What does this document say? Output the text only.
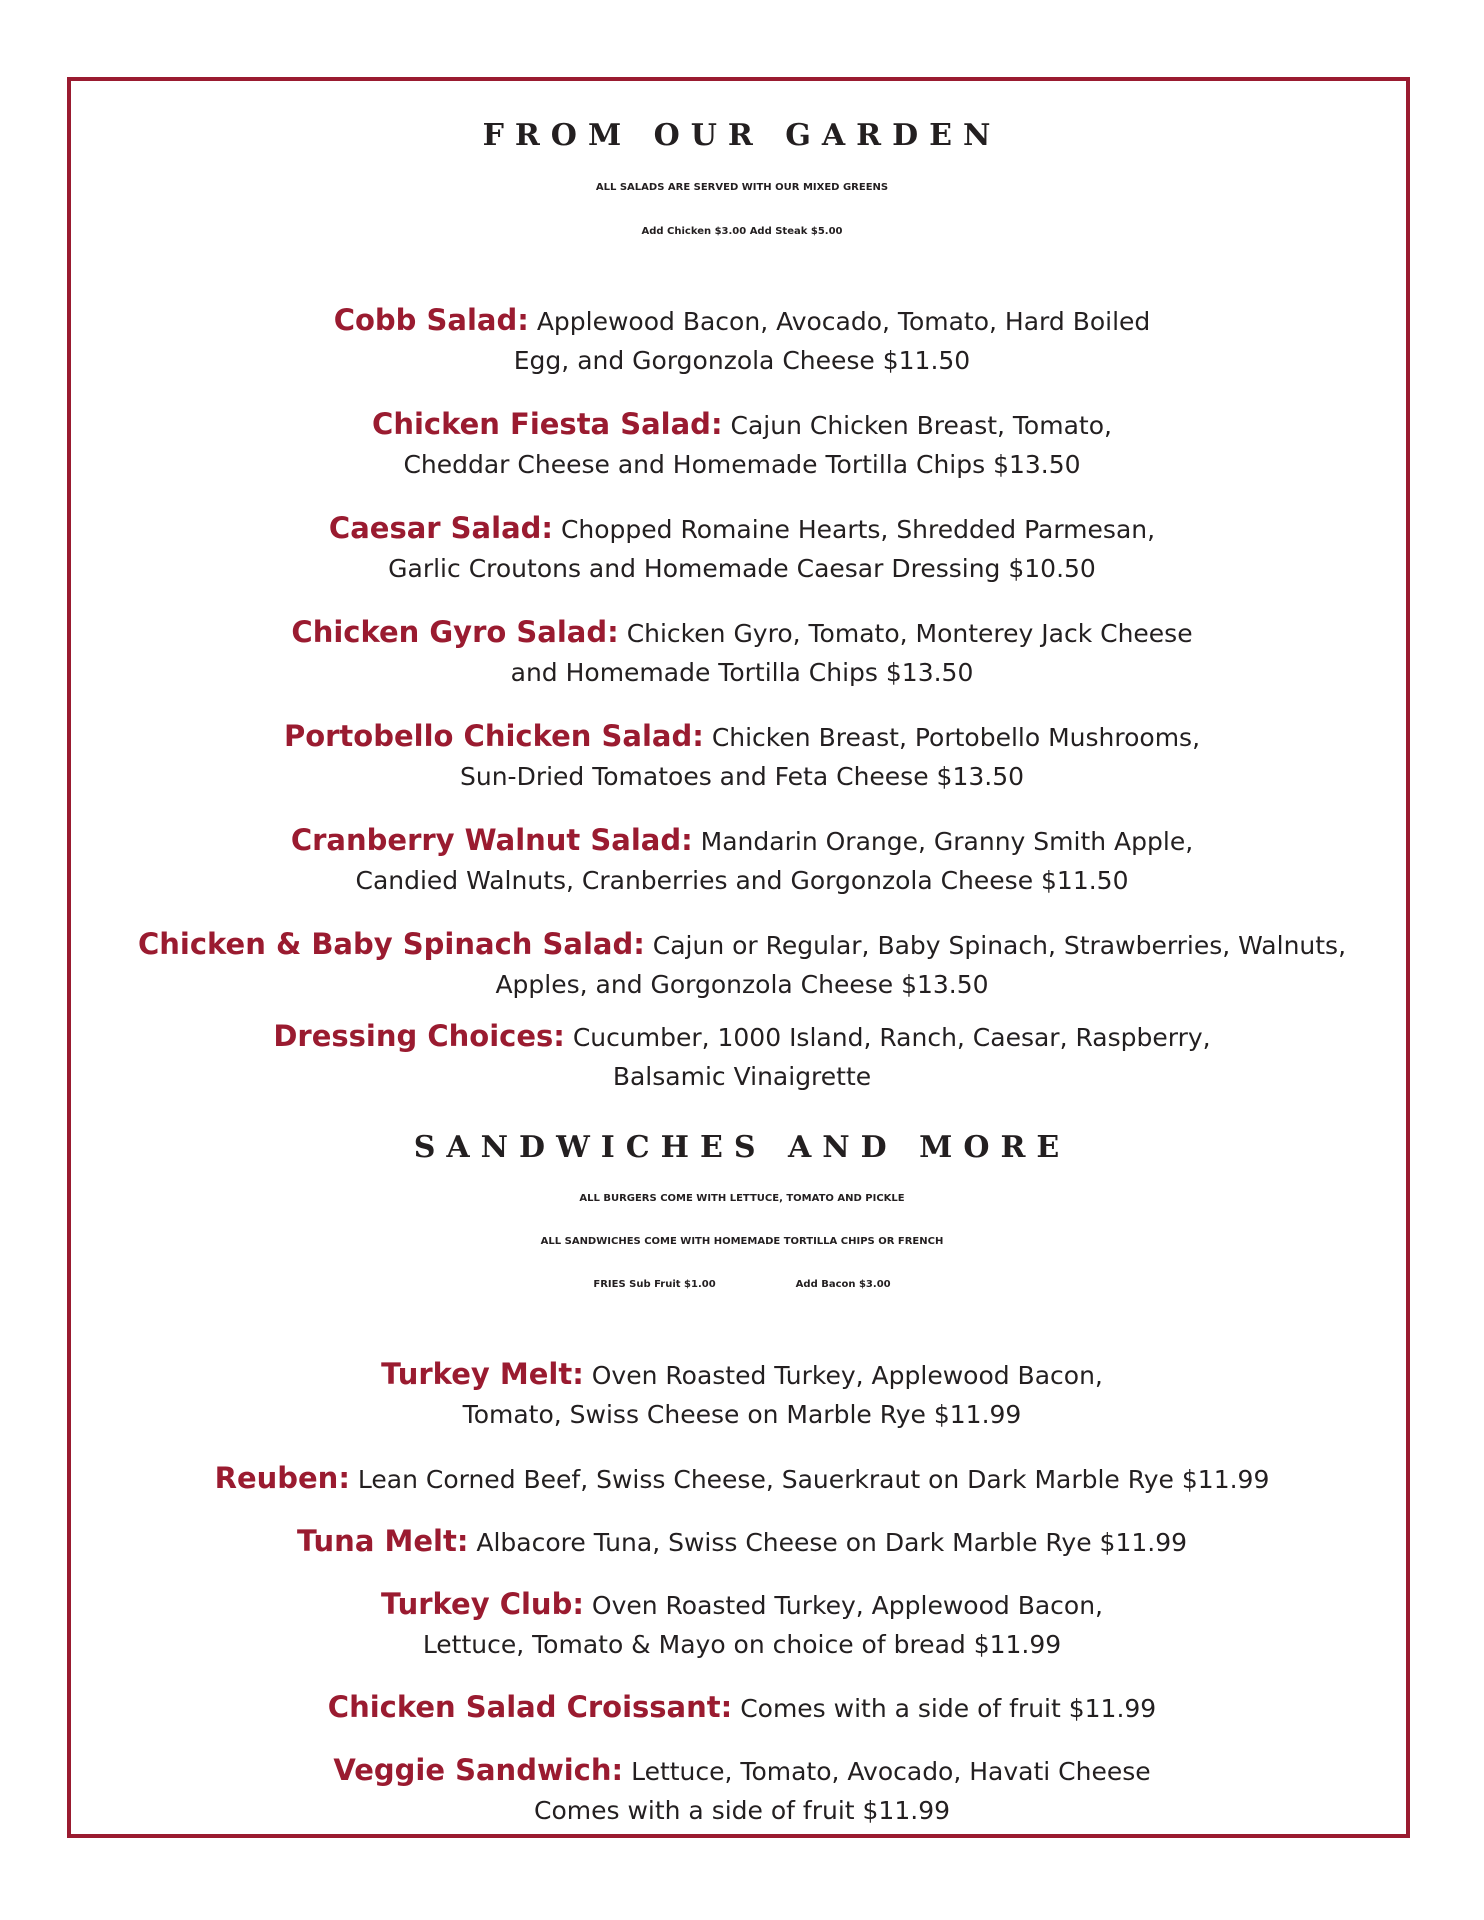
FROM OUR GARDEN

ALL SALADS ARE SERVED WITH OUR MIXED GREENS

Add Chicken $3.00 Add Steak $5.00

Cobb Salad: Applewood Bacon, Avocado, Tomato, Hard Boiled
Egg, and Gorgonzola Cheese $11.50
Chicken Fiesta Salad: Cajun Chicken Breast, Tomato,
Cheddar Cheese and Homemade Tortilla Chips $13.50
Caesar Salad: Chopped Romaine Hearts, Shredded Parmesan,
Garlic Croutons and Homemade Caesar Dressing $10.50
Chicken Gyro Salad: Chicken Gyro, Tomato, Monterey Jack Cheese
and Homemade Tortilla Chips $13.50
Portobello Chicken Salad: Chicken Breast, Portobello Mushrooms,
Sun-Dried Tomatoes and Feta Cheese $13.50
Cranberry Walnut Salad: Mandarin Orange, Granny Smith Apple,
Candied Walnuts, Cranberries and Gorgonzola Cheese $11.50
Chicken & Baby Spinach Salad: Cajun or Regular, Baby Spinach, Strawberries, Walnuts,
Apples, and Gorgonzola Cheese $13.50
Dressing Choices: Cucumber, 1000 Island, Ranch, Caesar, Raspberry,
Balsamic Vinaigrette
SANDWICHES AND MORE

ALL BURGERS COME WITH LETTUCE, TOMATO AND PICKLE

ALL SANDWICHES COME WITH HOMEMADE TORTILLA CHIPS OR FRENCH

FRIES Sub Fruit $1.00	Add Bacon $3.00

Turkey Melt: Oven Roasted Turkey, Applewood Bacon,
Tomato, Swiss Cheese on Marble Rye $11.99
Reuben: Lean Corned Beef, Swiss Cheese, Sauerkraut on Dark Marble Rye $11.99
Tuna Melt: Albacore Tuna, Swiss Cheese on Dark Marble Rye $11.99
Turkey Club: Oven Roasted Turkey, Applewood Bacon,
Lettuce, Tomato & Mayo on choice of bread $11.99
Chicken Salad Croissant: Comes with a side of fruit $11.99
Veggie Sandwich: Lettuce, Tomato, Avocado, Havati Cheese
Comes with a side of fruit $11.99
